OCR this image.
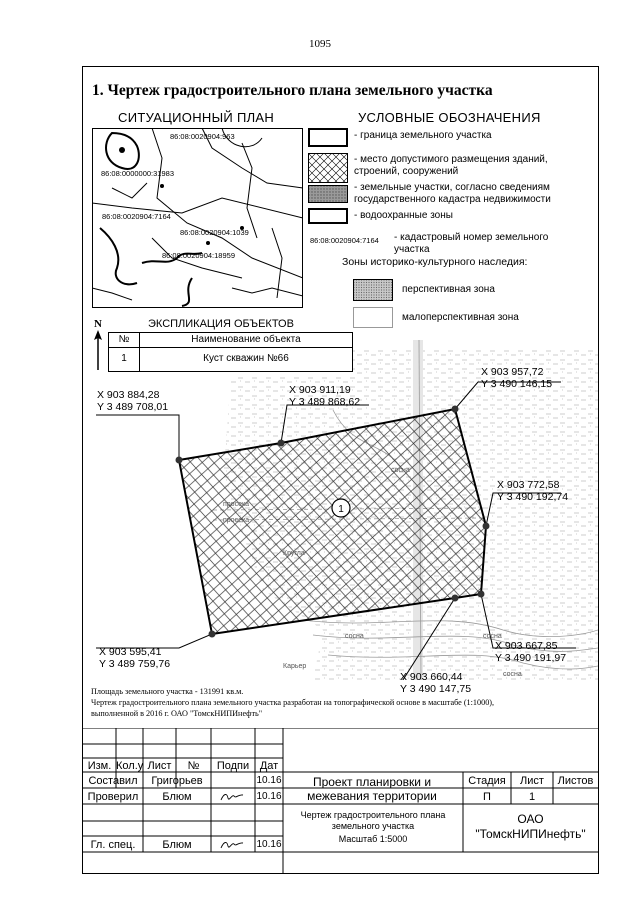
1095
1. Чертеж градостроительного плана земельного участка
СИТУАЦИОННЫЙ ПЛАН
86:08:0020904:963
86:08:0000000:31983
86:08:0020904:7164
86:08:0020904:1039
86:08:0020904:18959
УСЛОВНЫЕ ОБОЗНАЧЕНИЯ
- граница земельного участка
- место допустимого размещения зданий, строений, сооружений
- земельные участки, согласно сведениям государственного кадастра недвижимости
- водоохранные зоны
86:08:0020904:7164 - кадастровый номер земельного участка
Зоны историко-культурного наследия:
перспективная зона
малоперспективная зона
1
просека
просека
сосна
Кругла
сосна
Карьер
сосна
сосна
N	ЭКСПЛИКАЦИЯ ОБЪЕКТОВ
№	Наименование объекта
1	Куст скважин №66
X 903 884,28
Y 3 489 708,01
X 903 911,19
Y 3 489 868,62
X 903 957,72
Y 3 490 146,15
X 903 772,58
Y 3 490 192,74
X 903 667,85
Y 3 490 191,97
X 903 660,44
Y 3 490 147,75
X 903 595,41
Y 3 489 759,76
Площадь земельного участка - 131991 кв.м.
Чертеж градостроительного плана земельного участка разработан на топографической основе в масштабе (1:1000),
выполненной в 2016 г. ОАО "ТомскНИПИнефть"
Изм. Кол.у Лист	№	Подпи Дат
Составил	Григорьев	10.16
Проверил	Блюм	10.16
Гл. спец.	Блюм	10.16
Проект планировки и межевания территории
Стадия	Лист	Листов
П	1
Чертеж градостроительного плана земельного участка
Масштаб 1:5000
ОАО
"ТомскНИПИнефть"
